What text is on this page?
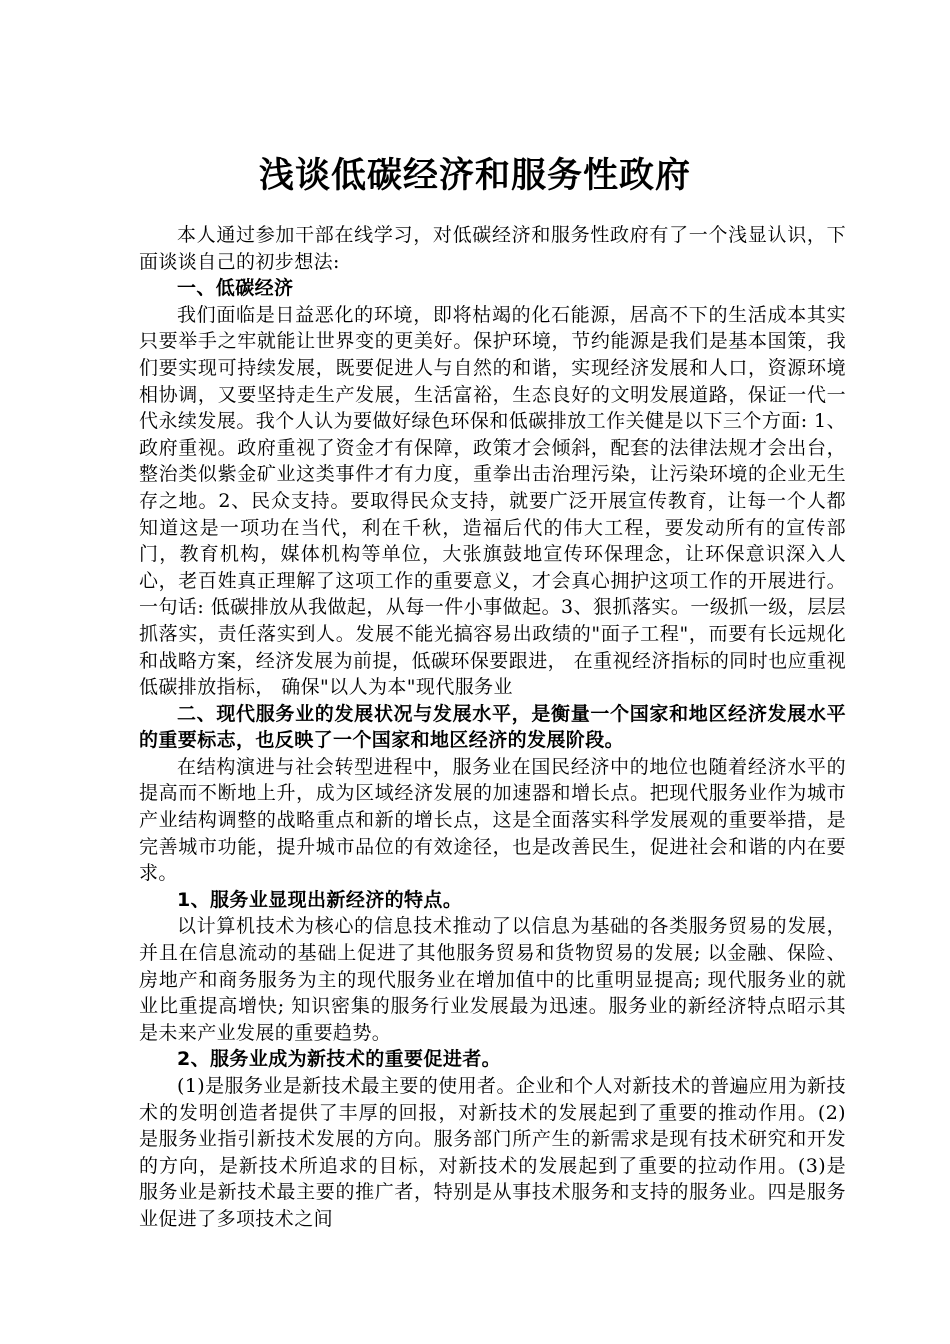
浅谈低碳经济和服务性政府

本人通过参加干部在线学习，对低碳经济和服务性政府有了一个浅显认识，下面谈谈自己的初步想法:

一、低碳经济

我们面临是日益恶化的环境，即将枯竭的化石能源，居高不下的生活成本其实只要举手之牢就能让世界变的更美好。保护环境，节约能源是我们是基本国策，我们要实现可持续发展，既要促进人与自然的和谐，实现经济发展和人口，资源环境相协调，又要坚持走生产发展，生活富裕，生态良好的文明发展道路，保证一代一代永续发展。我个人认为要做好绿色环保和低碳排放工作关健是以下三个方面: 1、政府重视。政府重视了资金才有保障，政策才会倾斜，配套的法律法规才会出台，整治类似紫金矿业这类事件才有力度，重拳出击治理污染，让污染环境的企业无生存之地。2、民众支持。要取得民众支持，就要广泛开展宣传教育，让每一个人都知道这是一项功在当代，利在千秋，造福后代的伟大工程，要发动所有的宣传部门，教育机构，媒体机构等单位，大张旗鼓地宣传环保理念，让环保意识深入人心，老百姓真正理解了这项工作的重要意义，才会真心拥护这项工作的开展进行。一句话: 低碳排放从我做起，从每一件小事做起。3、狠抓落实。一级抓一级，层层抓落实，责任落实到人。发展不能光搞容易出政绩的"面子工程"，而要有长远规化和战略方案，经济发展为前提，低碳环保要跟进， 在重视经济指标的同时也应重视低碳排放指标， 确保"以人为本"现代服务业

二、现代服务业的发展状况与发展水平，是衡量一个国家和地区经济发展水平的重要标志，也反映了一个国家和地区经济的发展阶段。

在结构演进与社会转型进程中，服务业在国民经济中的地位也随着经济水平的提高而不断地上升，成为区域经济发展的加速器和增长点。把现代服务业作为城市产业结构调整的战略重点和新的增长点，这是全面落实科学发展观的重要举措，是完善城市功能，提升城市品位的有效途径，也是改善民生，促进社会和谐的内在要求。

1、服务业显现出新经济的特点。

以计算机技术为核心的信息技术推动了以信息为基础的各类服务贸易的发展，并且在信息流动的基础上促进了其他服务贸易和货物贸易的发展; 以金融、保险、房地产和商务服务为主的现代服务业在增加值中的比重明显提高; 现代服务业的就业比重提高增快; 知识密集的服务行业发展最为迅速。服务业的新经济特点昭示其是未来产业发展的重要趋势。

2、服务业成为新技术的重要促进者。

(1)是服务业是新技术最主要的使用者。企业和个人对新技术的普遍应用为新技术的发明创造者提供了丰厚的回报，对新技术的发展起到了重要的推动作用。(2)是服务业指引新技术发展的方向。服务部门所产生的新需求是现有技术研究和开发的方向，是新技术所追求的目标，对新技术的发展起到了重要的拉动作用。(3)是服务业是新技术最主要的推广者，特别是从事技术服务和支持的服务业。四是服务业促进了多项技术之间
